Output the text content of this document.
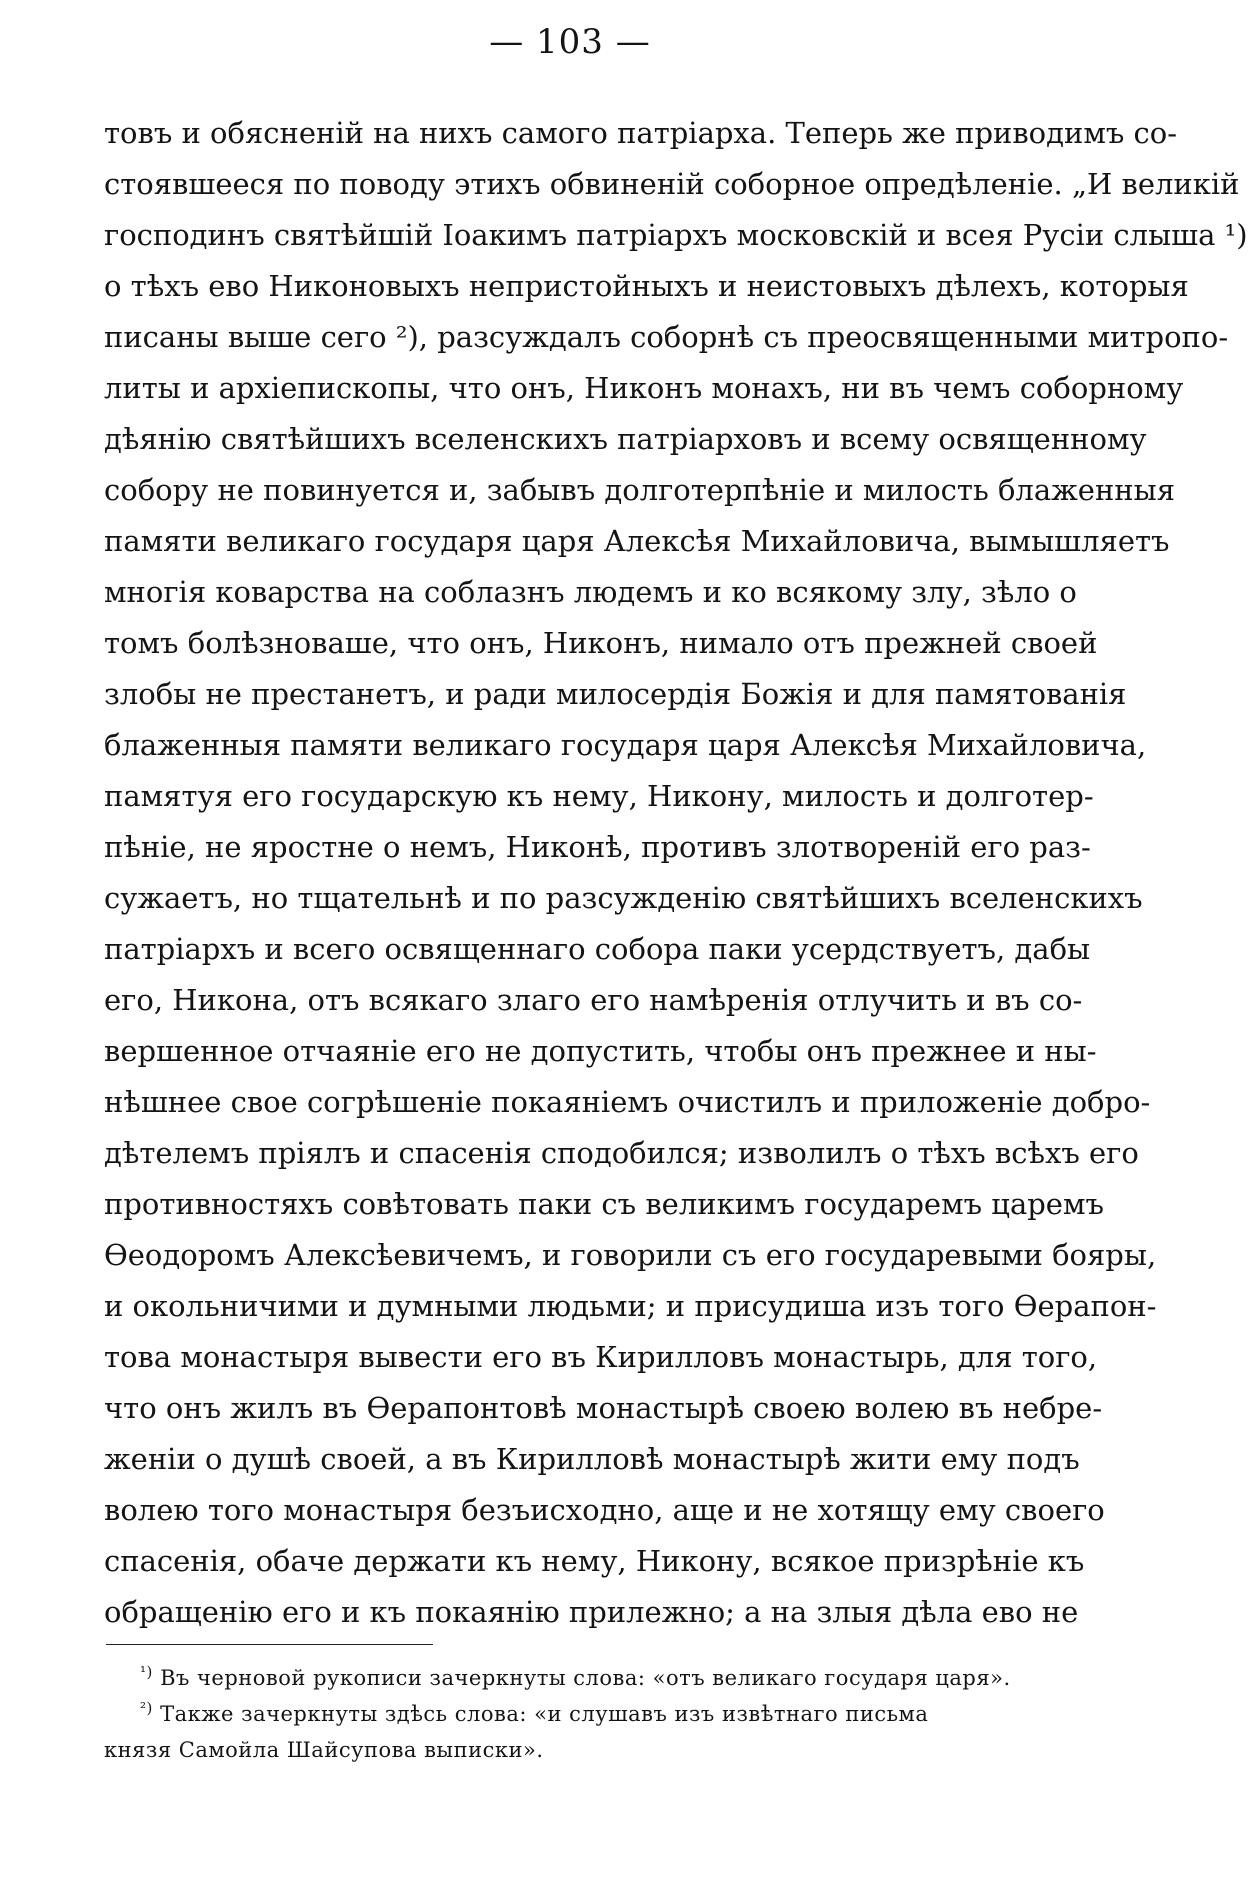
— 103 —
товъ и обясненій на нихъ самого патріарха. Теперь же приводимъ со-
стоявшееся по поводу этихъ обвиненій соборное опредѣленіе. „И великій
господинъ святѣйшій Іоакимъ патріархъ московскій и всея Русіи слыша ¹)
о тѣхъ ево Никоновыхъ непристойныхъ и неистовыхъ дѣлехъ, которыя
писаны выше сего ²), разсуждалъ соборнѣ съ преосвященными митропо-
литы и архіепископы, что онъ, Никонъ монахъ, ни въ чемъ соборному
дѣянію святѣйшихъ вселенскихъ патріарховъ и всему освященному
собору не повинуется и, забывъ долготерпѣніе и милость блаженныя
памяти великаго государя царя Алексѣя Михайловича, вымышляетъ
многія коварства на соблазнъ людемъ и ко всякому злу, зѣло о
томъ болѣзноваше, что онъ, Никонъ, нимало отъ прежней своей
злобы не престанетъ, и ради милосердія Божія и для памятованія
блаженныя памяти великаго государя царя Алексѣя Михайловича,
памятуя его государскую къ нему, Никону, милость и долготер-
пѣніе, не яростне о немъ, Никонѣ, противъ злотвореній его раз-
сужаетъ, но тщательнѣ и по разсужденію святѣйшихъ вселенскихъ
патріархъ и всего освященнаго собора паки усердствуетъ, дабы
его, Никона, отъ всякаго злаго его намѣренія отлучить и въ со-
вершенное отчаяніе его не допустить, чтобы онъ прежнее и ны-
нѣшнее свое согрѣшеніе покаяніемъ очистилъ и приложеніе добро-
дѣтелемъ пріялъ и спасенія сподобился; изволилъ о тѣхъ всѣхъ его
противностяхъ совѣтовать паки съ великимъ государемъ царемъ
Ѳеодоромъ Алексѣевичемъ, и говорили съ его государевыми бояры,
и окольничими и думными людьми; и присудиша изъ того Ѳерапон-
това монастыря вывести его въ Кирилловъ монастырь, для того,
что онъ жилъ въ Ѳерапонтовѣ монастырѣ своею волею въ небре-
женіи о душѣ своей, а въ Кирилловѣ монастырѣ жити ему подъ
волею того монастыря безъисходно, аще и не хотящу ему своего
спасенія, обаче держати къ нему, Никону, всякое призрѣніе къ
обращенію его и къ покаянію прилежно; а на злыя дѣла ево не
$^{^1)}$ Въ черновой рукописи зачеркнуты слова: «отъ великаго государя царя».
$^{^2)}$ Также зачеркнуты здѣсь слова: «и слушавъ изъ извѣтнаго письма
князя Самойла Шайсупова выписки».
